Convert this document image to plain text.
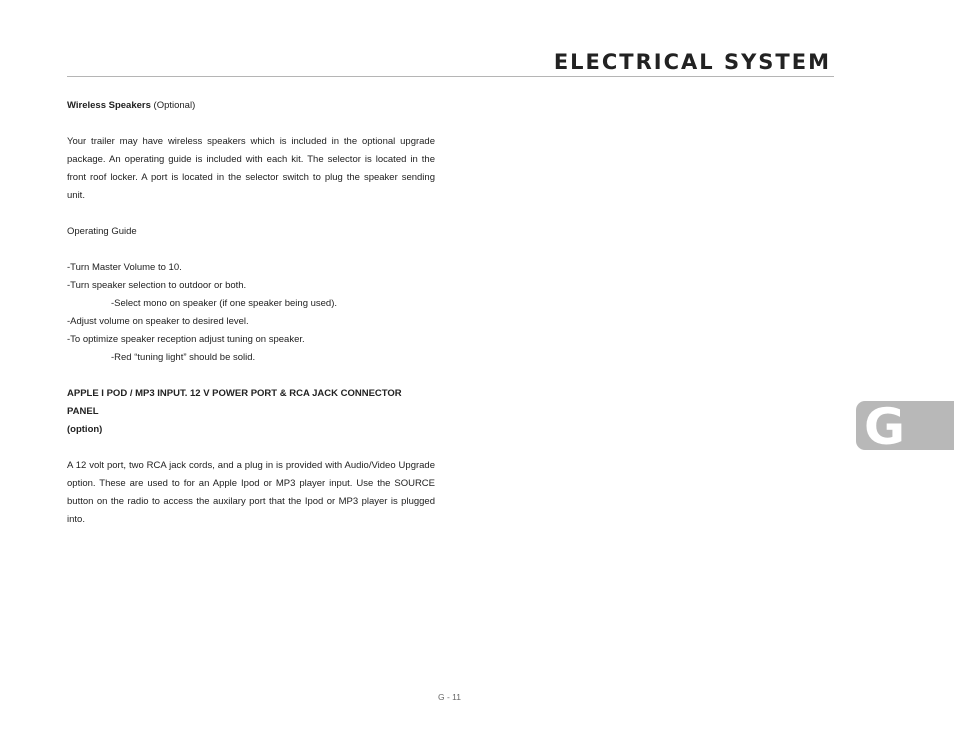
ELECTRICAL SYSTEM

Wireless Speakers (Optional)

Your trailer may have wireless speakers which is included in the optional upgrade package. An operating guide is included with each kit. The selector is located in the front roof locker. A port is located in the selector switch to plug the speaker sending unit.

Operating Guide

-Turn Master Volume to 10.

-Turn speaker selection to outdoor or both.

-Select mono on speaker (if one speaker being used).

-Adjust volume on speaker to desired level.

-To optimize speaker reception adjust tuning on speaker.

-Red “tuning light” should be solid.

APPLE I POD / MP3 INPUT. 12 V POWER PORT & RCA JACK CONNECTOR PANEL

(option)

A 12 volt port, two RCA jack cords, and a plug in is provided with Audio/Video Upgrade option. These are used to for an Apple Ipod or MP3 player input. Use the SOURCE button on the radio to access the auxilary port that the Ipod or MP3 player is plugged into.

G
G - 11
